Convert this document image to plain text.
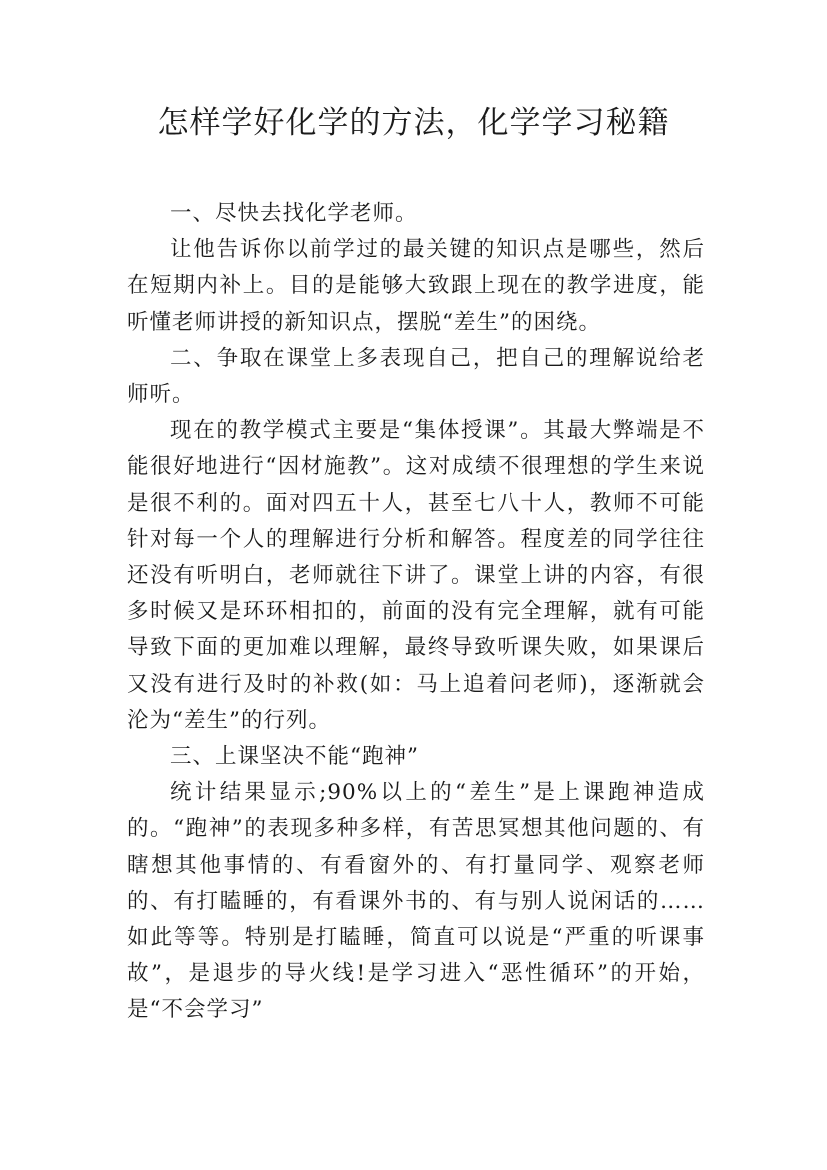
怎样学好化学的方法，化学学习秘籍

一、尽快去找化学老师。

让他告诉你以前学过的最关键的知识点是哪些，然后在短期内补上。目的是能够大致跟上现在的教学进度，能听懂老师讲授的新知识点，摆脱“差生”的困绕。

二、争取在课堂上多表现自己，把自己的理解说给老师听。

现在的教学模式主要是“集体授课”。其最大弊端是不能很好地进行“因材施教”。这对成绩不很理想的学生来说是很不利的。面对四五十人，甚至七八十人，教师不可能针对每一个人的理解进行分析和解答。程度差的同学往往还没有听明白，老师就往下讲了。课堂上讲的内容，有很多时候又是环环相扣的，前面的没有完全理解，就有可能导致下面的更加难以理解，最终导致听课失败，如果课后又没有进行及时的补救(如：马上追着问老师)，逐渐就会沦为“差生”的行列。

三、上课坚决不能“跑神”

统计结果显示;90%以上的“差生”是上课跑神造成的。“跑神”的表现多种多样，有苦思冥想其他问题的、有瞎想其他事情的、有看窗外的、有打量同学、观察老师的、有打瞌睡的，有看课外书的、有与别人说闲话的……如此等等。特别是打瞌睡，简直可以说是“严重的听课事故”，是退步的导火线!是学习进入“恶性循环”的开始，是“不会学习”
